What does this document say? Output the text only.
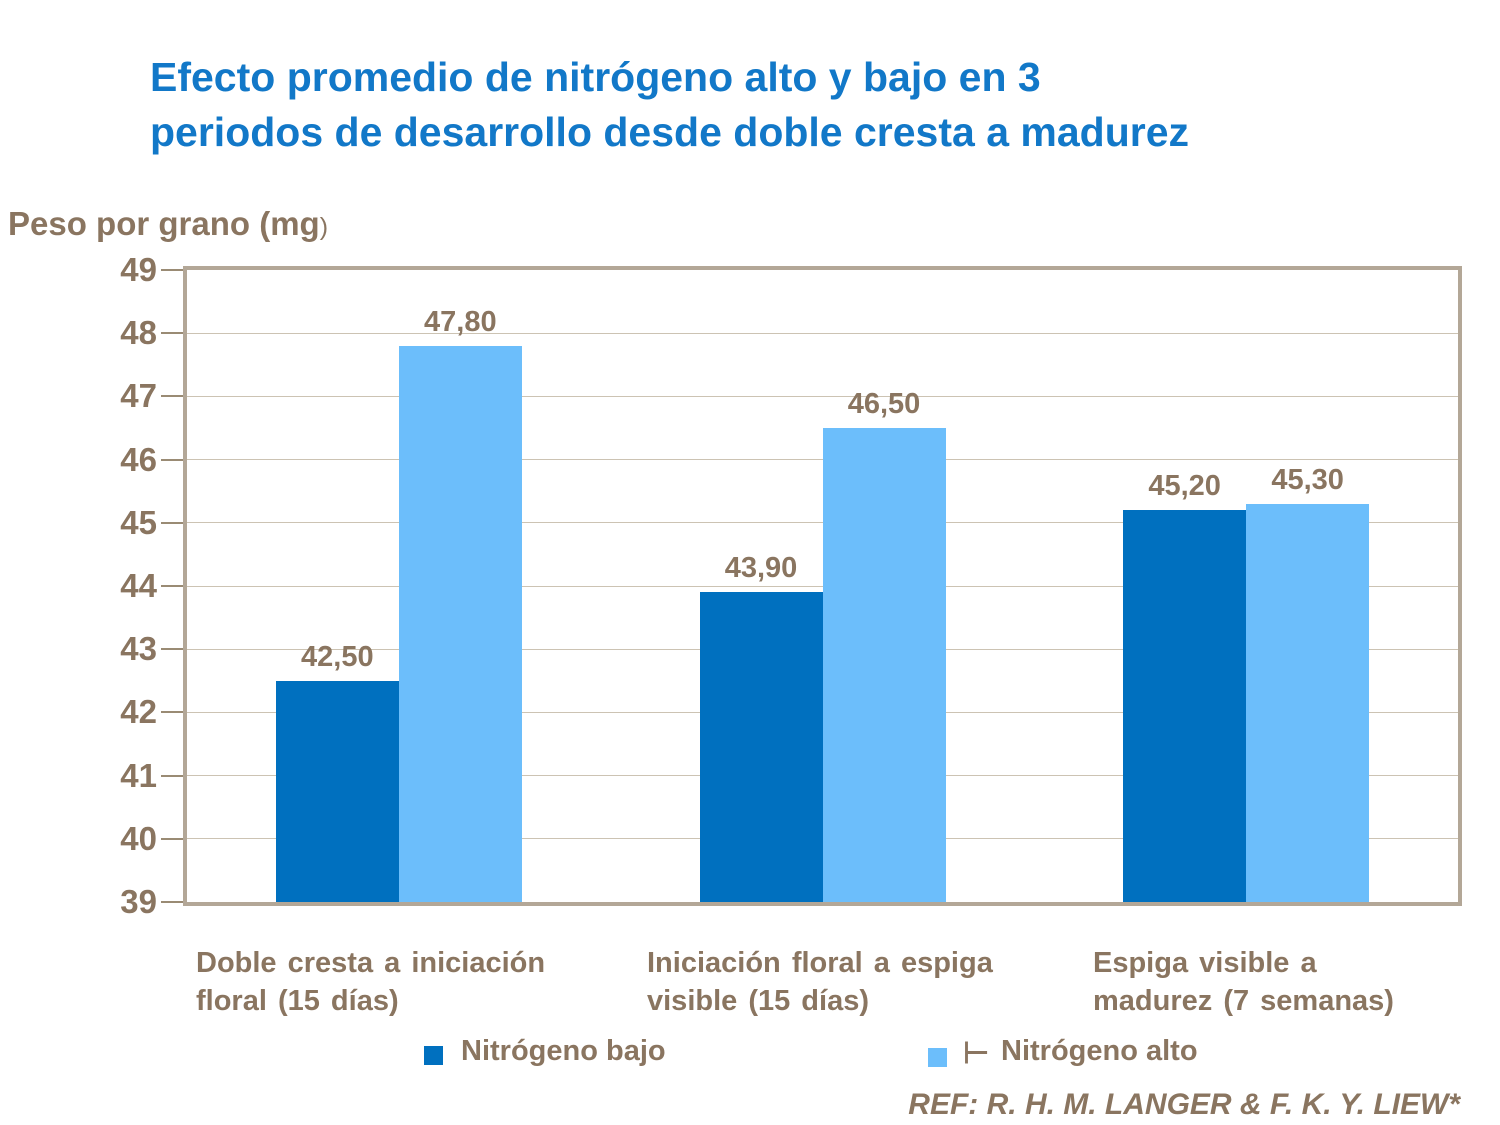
Efecto promedio de nitrógeno alto y bajo en 3
periodos de desarrollo desde doble cresta a madurez
Peso por grano (mg)
39
40
41
42
43
44
45
46
47
48
49
42,50
47,80
43,90
46,50
45,20	45,30
Doble cresta a iniciación
floral (15 días)
Iniciación floral a espiga
visible (15 días)
Espiga visible a
madurez (7 semanas)
Nitrógeno bajo	⊢ Nitrógeno alto
REF: R. H. M. LANGER & F. K. Y. LIEW*
